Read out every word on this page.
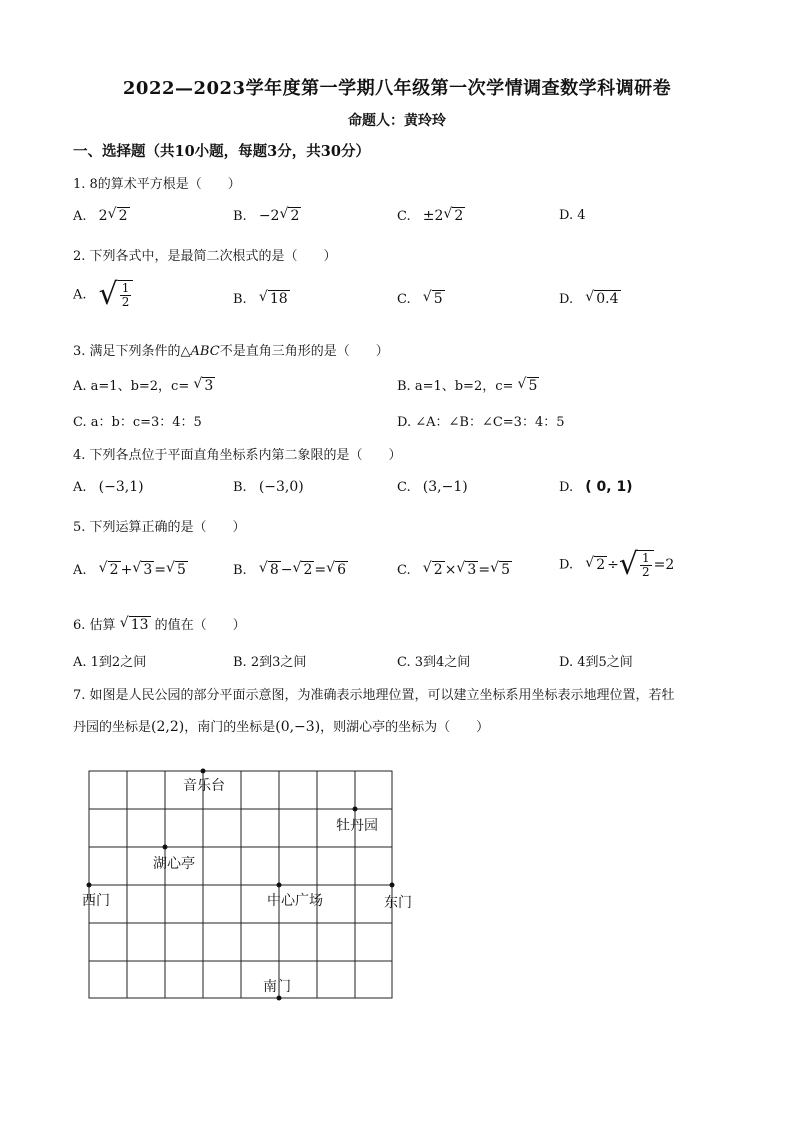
2022—2023学年度第一学期八年级第一次学情调查数学科调研卷
命题人：黄玲玲
一、选择题（共10小题，每题3分，共30分）
1. 8的算术平方根是（　　）
A. 2 √ 2	B. −2 √ 2	C. ±2 √ 2	D. 4
2. 下列各式中，是最简二次根式的是（　　）
A. √ $\frac{1}{2}$	B. √ 18	C. √ 5	D. √ 0.4
3. 满足下列条件的△ABC不是直角三角形的是（　　）
A. a=1、b=2，c= √ 3	B. a=1、b=2，c= √ 5
C. a：b：c=3：4：5	D. ∠A：∠B：∠C=3：4：5
4. 下列各点位于平面直角坐标系内第二象限的是（　　）
A. (−3,1)	B. (−3,0)	C. (3,−1)	D. ( 0, 1)
5. 下列运算正确的是（　　）
A. √ 2 + √ 3 = √ 5	B. √ 8 − √ 2 = √ 6	C. √ 2 × √ 3 = √ 5	D. √ 2 ÷ √ $\frac{1}{2} =2$
6. 估算 √ 13 的值在（　　）
A. 1到2之间	B. 2到3之间	C. 3到4之间	D. 4到5之间
7. 如图是人民公园的部分平面示意图，为准确表示地理位置，可以建立坐标系用坐标表示地理位置，若牡
丹园的坐标是(2,2)，南门的坐标是(0,−3)，则湖心亭的坐标为（　　）
音乐台
牡丹园
湖心亭
西门	中心广场	东门
南门
